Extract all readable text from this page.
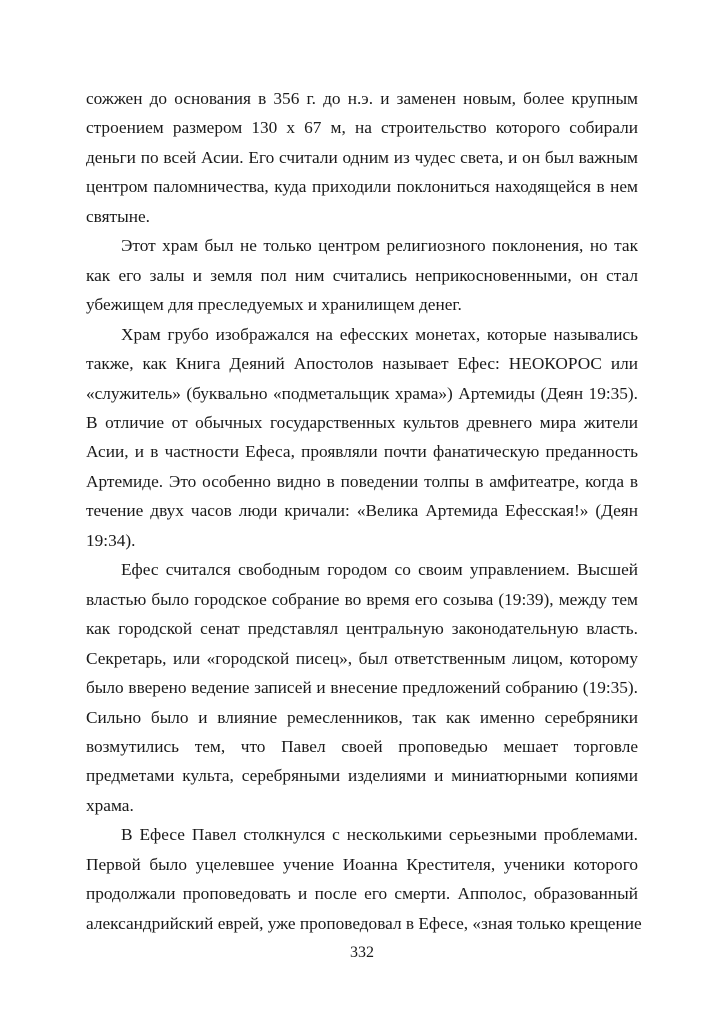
сожжен до основания в 356 г. до н.э. и заменен новым, более крупным
строением размером 130 х 67 м, на строительство которого собирали
деньги по всей Асии. Его считали одним из чудес света, и он был важным
центром паломничества, куда приходили поклониться находящейся в нем
святыне.

Этот храм был не только центром религиозного поклонения, но так
как его залы и земля пол ним считались неприкосновенными, он стал
убежищем для преследуемых и хранилищем денег.

Храм грубо изображался на ефесских монетах, которые назывались
также, как Книга Деяний Апостолов называет Ефес: НЕОКОРОС или
«служитель» (буквально «подметальщик храма») Артемиды (Деян 19:35).
В отличие от обычных государственных культов древнего мира жители
Асии, и в частности Ефеса, проявляли почти фанатическую преданность
Артемиде. Это особенно видно в поведении толпы в амфитеатре, когда в
течение двух часов люди кричали: «Велика Артемида Ефесская!» (Деян
19:34).

Ефес считался свободным городом со своим управлением. Высшей
властью было городское собрание во время его созыва (19:39), между тем
как городской сенат представлял центральную законодательную власть.
Секретарь, или «городской писец», был ответственным лицом, которому
было вверено ведение записей и внесение предложений собранию (19:35).
Сильно было и влияние ремесленников, так как именно серебряники
возмутились тем, что Павел своей проповедью мешает торговле
предметами культа, серебряными изделиями и миниатюрными копиями
храма.

В Ефесе Павел столкнулся с несколькими серьезными проблемами.
Первой было уцелевшее учение Иоанна Крестителя, ученики которого
продолжали проповедовать и после его смерти. Апполос, образованный
александрийский еврей, уже проповедовал в Ефесе, «зная только крещение

332
